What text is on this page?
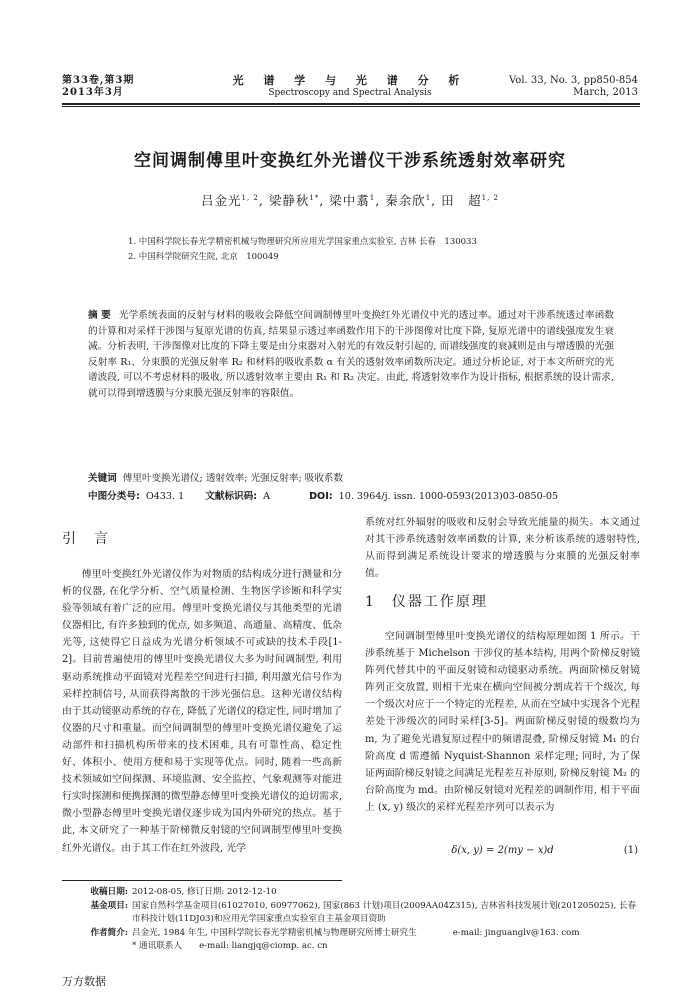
第33卷,第3期
2013年3月
光 谱 学 与 光 谱 分 析
Spectroscopy and Spectral Analysis
Vol. 33, No. 3, pp850-854
March, 2013
空间调制傅里叶变换红外光谱仪干涉系统透射效率研究
吕金光$^{1, 2}$, 梁静秋$^{1*}$, 梁中翥$^1$, 秦余欣$^1$, 田　超$^{1, 2}$
1. 中国科学院长春光学精密机械与物理研究所应用光学国家重点实验室, 吉林 长春　130033
2. 中国科学院研究生院, 北京　100049
摘 要 光学系统表面的反射与材料的吸收会降低空间调制傅里叶变换红外光谱仪中光的透过率。通过对干涉系统透过率函数的计算和对采样干涉图与复原光谱的仿真, 结果显示透过率函数作用下的干涉图像对比度下降, 复原光谱中的谱线强度发生衰减。分析表明, 干涉图像对比度的下降主要是由分束器对入射光的有效反射引起的, 而谱线强度的衰减则是由与增透膜的光强反射率 R₁、分束膜的光强反射率 R₂ 和材料的吸收系数 α 有关的透射效率函数所决定。通过分析论证, 对于本文所研究的光谱波段, 可以不考虑材料的吸收, 所以透射效率主要由 R₁ 和 R₂ 决定。由此, 将透射效率作为设计指标, 根据系统的设计需求, 就可以得到增透膜与分束膜光强反射率的容限值。
关键词 傅里叶变换光谱仪; 透射效率; 光强反射率; 吸收系数
中图分类号: O433. 1 文献标识码: A	DOI: 10. 3964/j. issn. 1000-0593(2013)03-0850-05
引　言

傅里叶变换红外光谱仪作为对物质的结构成分进行测量和分析的仪器, 在化学分析、空气质量检测、生物医学诊断和科学实验等领域有着广泛的应用。傅里叶变换光谱仪与其他类型的光谱仪器相比, 有许多独到的优点, 如多频道、高通量、高精度、低杂光等, 这使得它日益成为光谱分析领域不可或缺的技术手段[1-2]。目前普遍使用的傅里叶变换光谱仪大多为时间调制型, 利用驱动系统推动平面镜对光程差空间进行扫描, 利用激光信号作为采样控制信号, 从而获得离散的干涉光强信息。这种光谱仪结构由于其动镜驱动系统的存在, 降低了光谱仪的稳定性, 同时增加了仪器的尺寸和重量。而空间调制型的傅里叶变换光谱仪避免了运动部件和扫描机构所带来的技术困难, 具有可靠性高、稳定性好、体积小、使用方便和易于实现等优点。同时, 随着一些高新技术领域如空间探测、环境监测、安全监控、气象观测等对能进行实时探测和便携探测的微型静态傅里叶变换光谱仪的迫切需求, 微小型静态傅里叶变换光谱仪逐步成为国内外研究的热点。基于此, 本文研究了一种基于阶梯微反射镜的空间调制型傅里叶变换红外光谱仪。由于其工作在红外波段, 光学

系统对红外辐射的吸收和反射会导致光能量的损失。本文通过对其干涉系统透射效率函数的计算, 来分析该系统的透射特性, 从而得到满足系统设计要求的增透膜与分束膜的光强反射率值。

1　仪器工作原理

空间调制型傅里叶变换光谱仪的结构原理如图 1 所示。干涉系统基于 Michelson 干涉仪的基本结构, 用两个阶梯反射镜阵列代替其中的平面反射镜和动镜驱动系统。两面阶梯反射镜阵列正交放置, 则相干光束在横向空间被分割成若干个级次, 每一个级次对应于一个特定的光程差, 从而在空域中实现各个光程差处干涉级次的同时采样[3-5]。两面阶梯反射镜的级数均为 m, 为了避免光谱复原过程中的频谱混叠, 阶梯反射镜 M₁ 的台阶高度 d 需遵循 Nyquist-Shannon 采样定理; 同时, 为了保证两面阶梯反射镜之间满足光程差互补原则, 阶梯反射镜 M₂ 的台阶高度为 md。由阶梯反射镜对光程差的调制作用, 相干平面上 (x, y) 级次的采样光程差序列可以表示为

δ(x, y) = 2(my − x)d	(1)
收稿日期: 2012-08-05, 修订日期: 2012-12-10
基金项目: 国家自然科学基金项目(61027010, 60977062), 国家(863 计划)项目(2009AA04Z315), 吉林省科技发展计划(201205025), 长春市科技计划(11DJ03)和应用光学国家重点实验室自主基金项目资助
作者简介: 吕金光, 1984 年生, 中国科学院长春光学精密机械与物理研究所博士研究生	e-mail: jinguanglv@163. com
* 通讯联系人　　e-mail: liangjq@ciomp. ac. cn
万方数据
